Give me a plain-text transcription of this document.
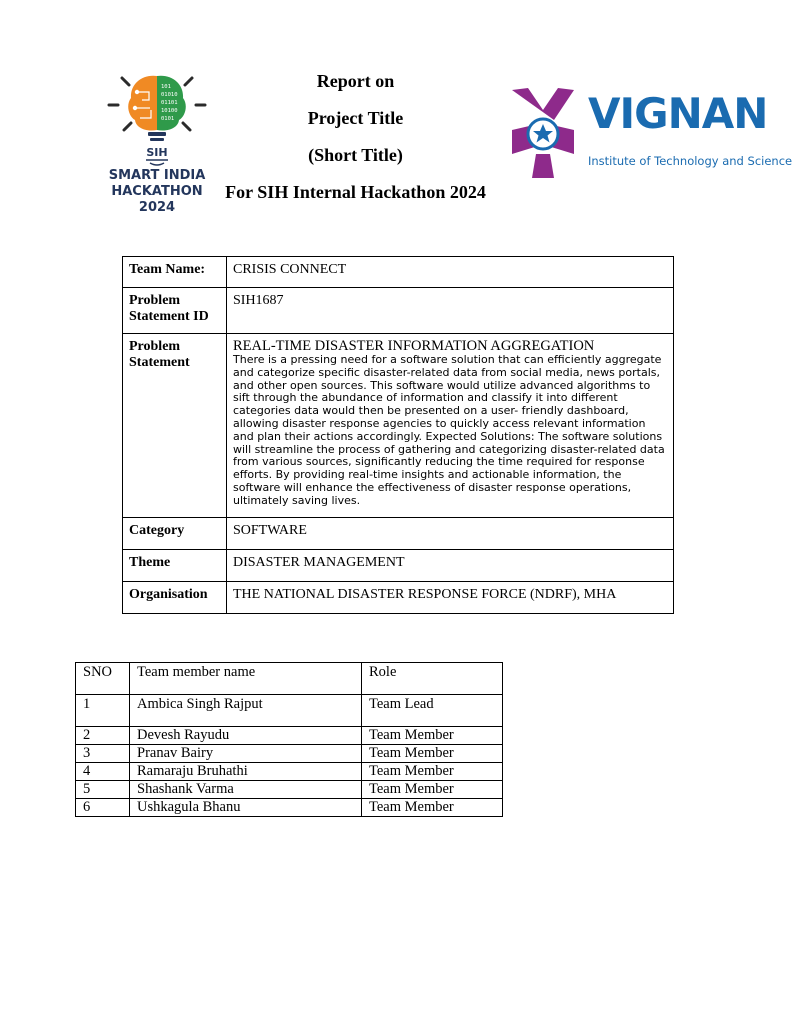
101
01010
01101
10100
0101
SIH
SMART INDIA
HACKATHON
2024
Report on
Project Title
(Short Title)
For SIH Internal Hackathon 2024
VIGNAN
Institute of Technology and Science
Team Name:	CRISIS CONNECT
Problem Statement ID	SIH1687
Problem Statement	REAL-TIME DISASTER INFORMATION AGGREGATION
There is a pressing need for a software solution that can efficiently aggregate and categorize specific disaster-related data from social media, news portals, and other open sources. This software would utilize advanced algorithms to sift through the abundance of information and classify it into different categories data would then be presented on a user- friendly dashboard, allowing disaster response agencies to quickly access relevant information and plan their actions accordingly. Expected Solutions: The software solutions will streamline the process of gathering and categorizing disaster-related data from various sources, significantly reducing the time required for response efforts. By providing real-time insights and actionable information, the software will enhance the effectiveness of disaster response operations, ultimately saving lives.

Category	SOFTWARE
Theme	DISASTER MANAGEMENT
Organisation	THE NATIONAL DISASTER RESPONSE FORCE (NDRF), MHA
SNO	Team member name	Role
1	Ambica Singh Rajput	Team Lead
2	Devesh Rayudu	Team Member
3	Pranav Bairy	Team Member
4	Ramaraju Bruhathi	Team Member
5	Shashank Varma	Team Member
6	Ushkagula Bhanu	Team Member
